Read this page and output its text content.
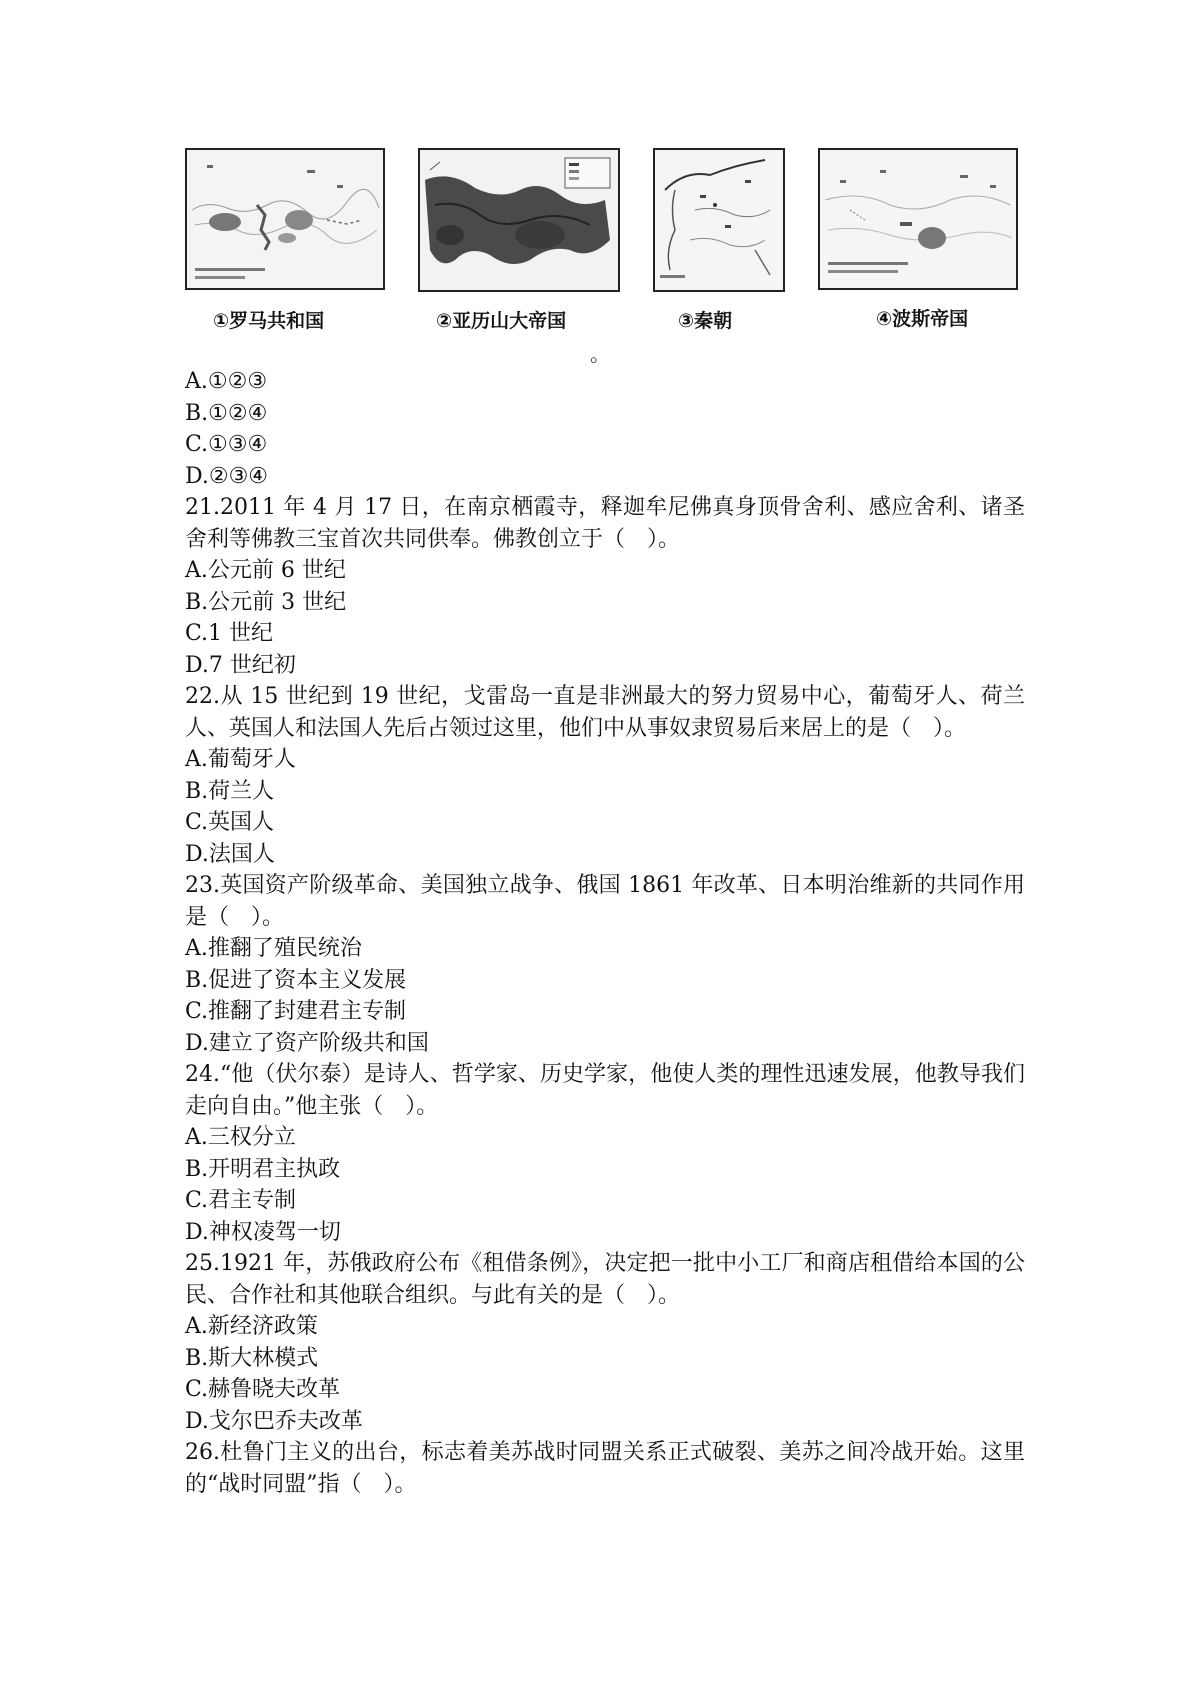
①罗马共和国	②亚历山大帝国	③秦朝	④波斯帝国
。

A.①②③

B.①②④

C.①③④

D.②③④

21.2011 年 4 月 17 日，在南京栖霞寺，释迦牟尼佛真身顶骨舍利、感应舍利、诸圣舍利等佛教三宝首次共同供奉。佛教创立于（　）。

A.公元前 6 世纪

B.公元前 3 世纪

C.1 世纪

D.7 世纪初

22.从 15 世纪到 19 世纪，戈雷岛一直是非洲最大的努力贸易中心，葡萄牙人、荷兰人、英国人和法国人先后占领过这里，他们中从事奴隶贸易后来居上的是（　）。

A.葡萄牙人

B.荷兰人

C.英国人

D.法国人

23.英国资产阶级革命、美国独立战争、俄国 1861 年改革、日本明治维新的共同作用是（　）。

A.推翻了殖民统治

B.促进了资本主义发展

C.推翻了封建君主专制

D.建立了资产阶级共和国

24.“他（伏尔泰）是诗人、哲学家、历史学家，他使人类的理性迅速发展，他教导我们走向自由。”他主张（　）。

A.三权分立

B.开明君主执政

C.君主专制

D.神权凌驾一切

25.1921 年，苏俄政府公布《租借条例》，决定把一批中小工厂和商店租借给本国的公民、合作社和其他联合组织。与此有关的是（　）。

A.新经济政策

B.斯大林模式

C.赫鲁晓夫改革

D.戈尔巴乔夫改革

26.杜鲁门主义的出台，标志着美苏战时同盟关系正式破裂、美苏之间冷战开始。这里的“战时同盟”指（　）。
